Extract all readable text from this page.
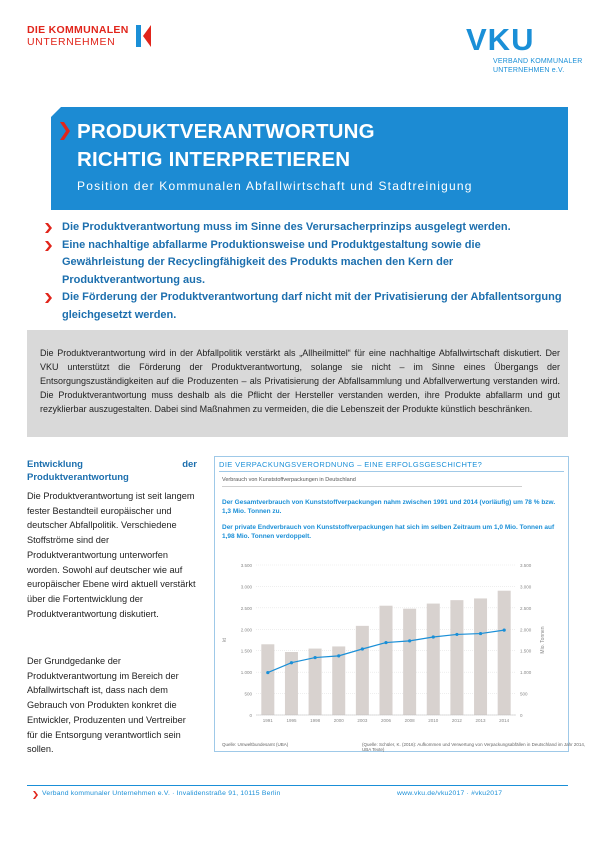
DIE KOMMUNALEN
UNTERNEHMEN	VKU
VERBAND KOMMUNALER
UNTERNEHMEN e.V.
PRODUKTVERANTWORTUNG
RICHTIG INTERPRETIEREN
Position der Kommunalen Abfallwirtschaft und Stadtreinigung
Die Produktverantwortung muss im Sinne des Verursacherprinzips ausgelegt werden.
Eine nachhaltige abfallarme Produktionsweise und Produktgestaltung sowie die Gewährleistung der Recyclingfähigkeit des Produkts machen den Kern der Produktverantwortung aus.
Die Förderung der Produktverantwortung darf nicht mit der Privatisierung der Abfallentsorgung gleichgesetzt werden.
Die Produktverantwortung wird in der Abfallpolitik verstärkt als „Allheilmittel“ für eine nachhaltige Abfallwirtschaft diskutiert. Der VKU unterstützt die Förderung der Produktverantwortung, solange sie nicht – im Sinne eines Übergangs der Entsorgungszuständigkeiten auf die Produzenten – als Privatisierung der Abfallsammlung und Abfallverwertung verstanden wird. Die Produktverantwortung muss deshalb als die Pflicht der Hersteller verstanden werden, ihre Produkte abfallarm und gut rezyklierbar auszugestalten. Dabei sind Maßnahmen zu vermeiden, die die Lebenszeit der Produkte künstlich beschränken.
Entwicklung der Produktverantwortung
Die Produktverantwortung ist seit langem fester Bestandteil europäischer und deutscher Abfallpolitik. Verschiedene Stoffströme sind der Produktverantwortung unterworfen worden. Sowohl auf deutscher wie auf europäischer Ebene wird aktuell verstärkt über die Fortentwicklung der Produktverantwortung diskutiert.
Der Grundgedanke der Produktverantwortung im Bereich der Abfallwirtschaft ist, dass nach dem Gebrauch von Produkten konkret die Entwickler, Produzenten und Vertreiber für die Entsorgung verantwortlich sein sollen.
DIE VERPACKUNGSVERORDNUNG – EINE ERFOLGSGESCHICHTE?
Verbrauch von Kunststoffverpackungen in Deutschland
Der Gesamtverbrauch von Kunststoffverpackungen nahm zwischen 1991 und 2014 (vorläufig) um 78 % bzw. 1,3 Mio. Tonnen zu.
Der private Endverbrauch von Kunststoffverpackungen hat sich im selben Zeitraum um 1,0 Mio. Tonnen auf 1,98 Mio. Tonnen verdoppelt.
0	0
500	500
1.000	1.000
1.500	1.500
2.000	2.000
2.500	2.500
3.000	3.000
3.500	3.500
kt	Mio. Tonnen
1991	1995	1998	2000	2003	2006	2008	2010	2012	2013	2014
Quelle: Umweltbundesamt (UBA)	(Quelle: Schüler, K. (2016): Aufkommen und Verwertung von Verpackungsabfällen in Deutschland im Jahr 2014, UBA Texte)
Verband kommunaler Unternehmen e.V. · Invalidenstraße 91, 10115 Berlin	www.vku.de/vku2017 · #vku2017
